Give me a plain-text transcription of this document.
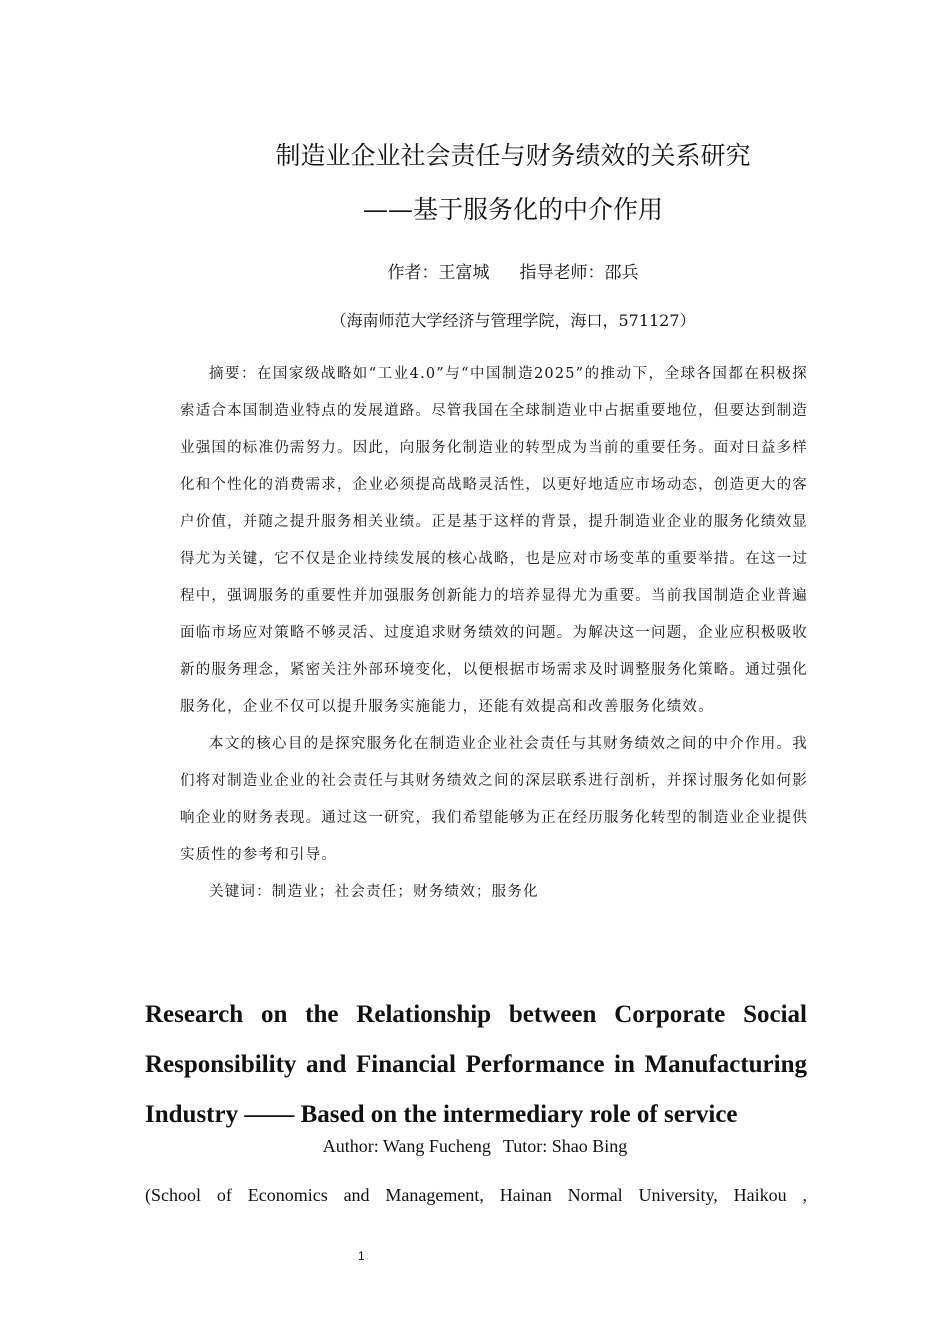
制造业企业社会责任与财务绩效的关系研究
——基于服务化的中介作用
作者：王富城 指导老师：邵兵
（海南师范大学经济与管理学院，海口，571127）

摘要：在国家级战略如“工业4.0”与“中国制造2025”的推动下，全球各国都在积极探索适合本国制造业特点的发展道路。尽管我国在全球制造业中占据重要地位，但要达到制造业强国的标准仍需努力。因此，向服务化制造业的转型成为当前的重要任务。面对日益多样化和个性化的消费需求，企业必须提高战略灵活性，以更好地适应市场动态，创造更大的客户价值，并随之提升服务相关业绩。正是基于这样的背景，提升制造业企业的服务化绩效显得尤为关键，它不仅是企业持续发展的核心战略，也是应对市场变革的重要举措。在这一过程中，强调服务的重要性并加强服务创新能力的培养显得尤为重要。当前我国制造企业普遍面临市场应对策略不够灵活、过度追求财务绩效的问题。为解决这一问题，企业应积极吸收新的服务理念，紧密关注外部环境变化，以便根据市场需求及时调整服务化策略。通过强化服务化，企业不仅可以提升服务实施能力，还能有效提高和改善服务化绩效。

本文的核心目的是探究服务化在制造业企业社会责任与其财务绩效之间的中介作用。我们将对制造业企业的社会责任与其财务绩效之间的深层联系进行剖析，并探讨服务化如何影响企业的财务表现。通过这一研究，我们希望能够为正在经历服务化转型的制造业企业提供实质性的参考和引导。

关键词：制造业；社会责任；财务绩效；服务化

Research on the Relationship between Corporate Social
Responsibility and Financial Performance in Manufacturing
Industry —— Based on the intermediary role of service
Author: Wang Fucheng Tutor: Shao Bing
(School of Economics and Management, Hainan Normal University, Haikou ,
1
